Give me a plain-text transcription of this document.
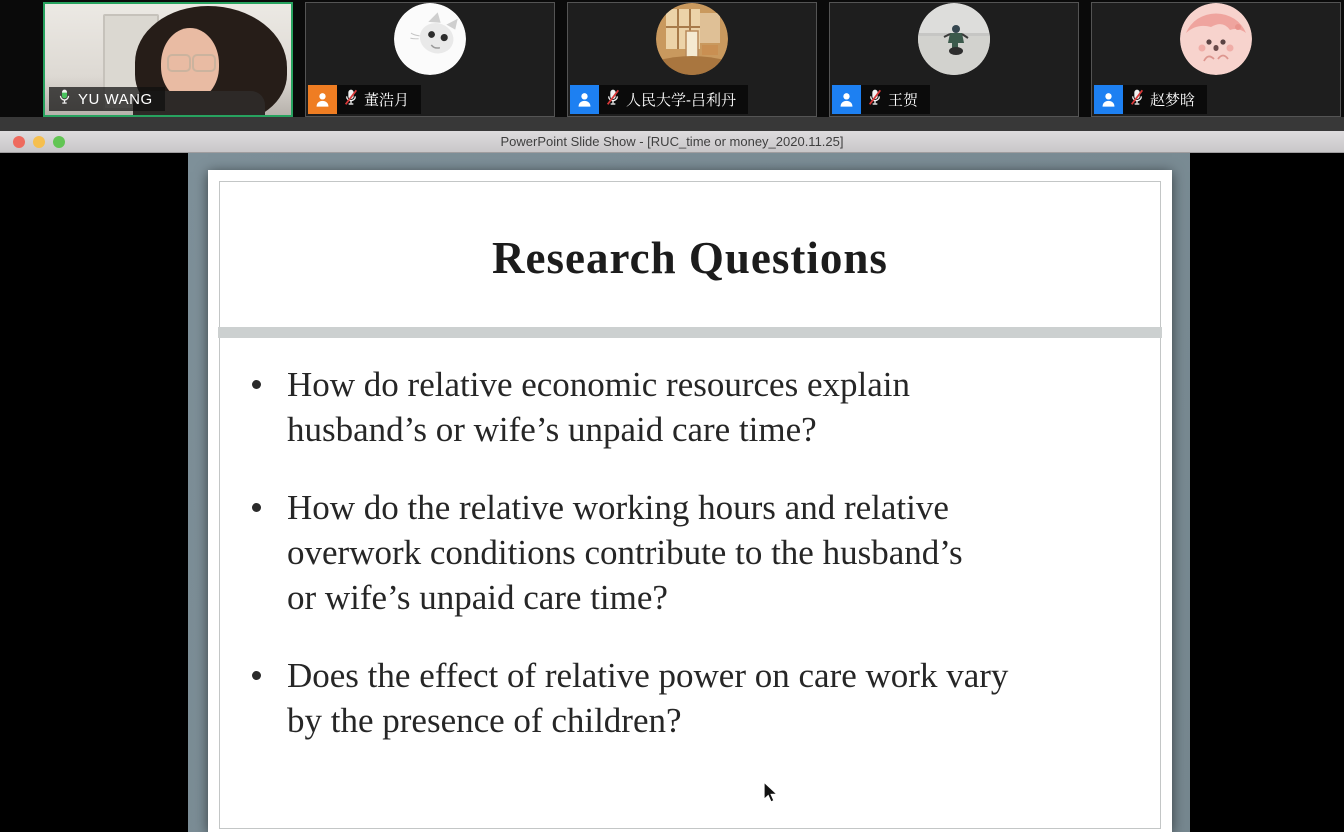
YU WANG	董浩月	人民大学-吕利丹	王贺	赵梦晗
PowerPoint Slide Show - [RUC_time or money_2020.11.25]
Research Questions
How do relative economic resources explain
husband’s or wife’s unpaid care time?
How do the relative working hours and relative
overwork conditions contribute to the husband’s
or wife’s unpaid care time?
Does the effect of relative power on care work vary
by the presence of children?
